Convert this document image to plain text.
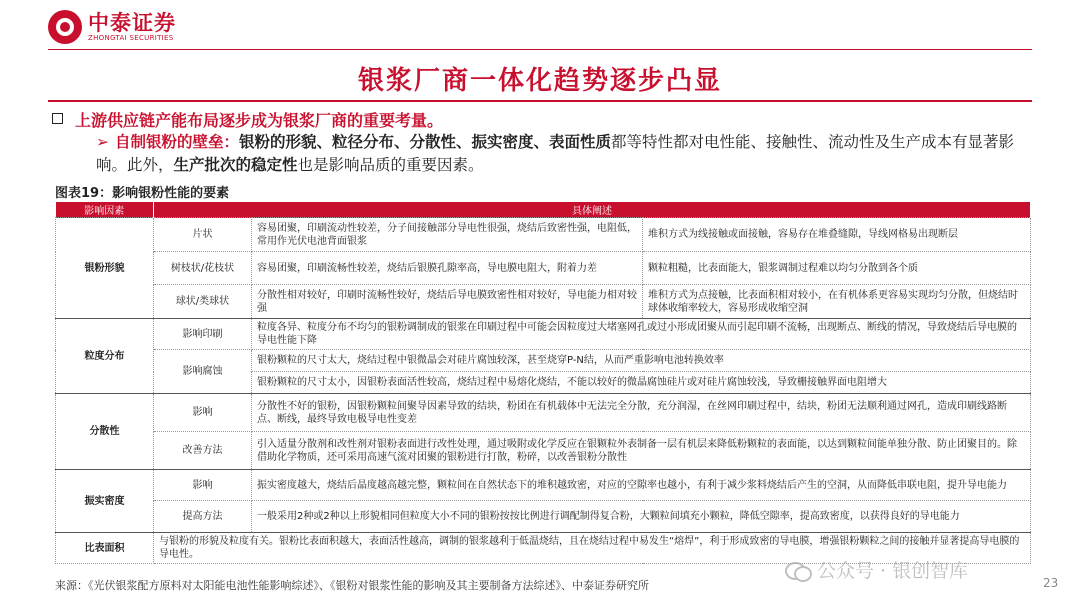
中泰证券
ZHONGTAI SECURITIES
银浆厂商一体化趋势逐步凸显
上游供应链产能布局逐步成为银浆厂商的重要考量。
➢ 自制银粉的壁垒：银粉的形貌、粒径分布、分散性、振实密度、表面性质都等特性都对电性能、接触性、流动性及生产成本有显著影响。此外，生产批次的稳定性也是影响品质的重要因素。
图表19：影响银粉性能的要素
影响因素	具体阐述		
银粉形貌	片状	容易团聚，印刷流动性较差，分子间接触部分导电性很强，烧结后致密性强，电阻低，常用作光伏电池背面银浆	堆积方式为线接触或面接触，容易存在堆叠缝隙，导线网格易出现断层
	树枝状/花枝状	容易团聚，印刷流畅性较差，烧结后银膜孔隙率高，导电膜电阻大，附着力差	颗粒粗糙，比表面能大，银浆调制过程难以均匀分散到各个质
	球状/类球状	分散性相对较好，印刷时流畅性较好，烧结后导电膜致密性相对较好，导电能力相对较强	堆积方式为点接触，比表面积相对较小，在有机体系更容易实现均匀分散，但烧结时球体收缩率较大，容易形成收缩空洞
粒度分布	影响印刷	粒度各异、粒度分布不均匀的银粉调制成的银浆在印刷过程中可能会因粒度过大堵塞网孔或过小形成团聚从而引起印刷不流畅，出现断点、断线的情况，导致烧结后导电膜的导电性能下降	
	影响腐蚀	银粉颗粒的尺寸太大，烧结过程中银微晶会对硅片腐蚀较深，甚至烧穿P-N结，从而严重影响电池转换效率	
		银粉颗粒的尺寸太小，因银粉表面活性较高，烧结过程中易熔化烧结，不能以较好的微晶腐蚀硅片或对硅片腐蚀较浅，导致栅接触界面电阻增大	
分散性	影响	分散性不好的银粉，因银粉颗粒间聚导因素导致的结块，粉团在有机载体中无法完全分散，充分润湿，在丝网印刷过程中，结块，粉团无法顺利通过网孔，造成印刷线路断点、断线，最终导致电极导电性变差	
	改善方法	引入适量分散剂和改性剂对银粉表面进行改性处理，通过吸附或化学反应在银颗粒外表制备一层有机层来降低粉颗粒的表面能，以达到颗粒间能单独分散、防止团聚目的。除借助化学物质，还可采用高速气流对团聚的银粉进行打散，粉碎，以改善银粉分散性	
振实密度	影响	振实密度越大，烧结后晶度越高越完整，颗粒间在自然状态下的堆积越致密，对应的空隙率也越小，有利于减少浆料烧结后产生的空洞，从而降低串联电阻，提升导电能力	
	提高方法	一般采用2种或2种以上形貌相同但粒度大小不同的银粉按按比例进行调配制得复合粉，大颗粒间填充小颗粒，降低空隙率，提高致密度，以获得良好的导电能力	
比表面积	与银粉的形貌及粒度有关。银粉比表面积越大，表面活性越高，调制的银浆越利于低温烧结，且在烧结过程中易发生“熔焊”，利于形成致密的导电膜，增强银粉颗粒之间的接触并显著提高导电膜的导电性。		
来源：《光伏银浆配方原料对太阳能电池性能影响综述》、《银粉对银浆性能的影响及其主要制备方法综述》、中泰证券研究所
公众号 · 银创智库
23
